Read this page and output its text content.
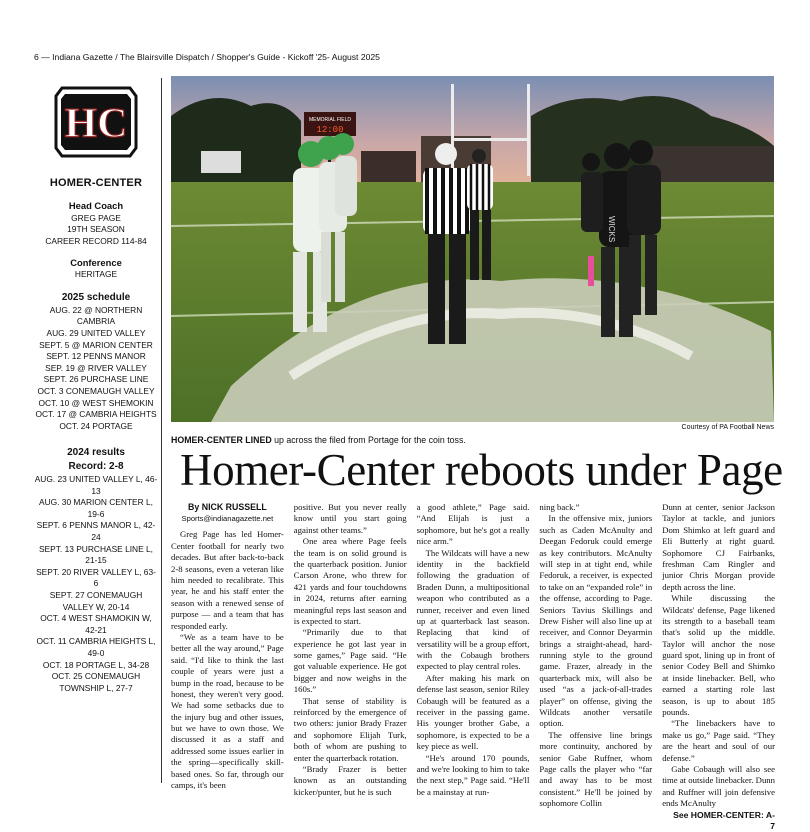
6 — Indiana Gazette / The Blairsville Dispatch / Shopper's Guide - Kickoff '25- August 2025
HC
HOMER-CENTER
Head Coach
GREG PAGE
19TH SEASON
CAREER RECORD 114-84
Conference
HERITAGE
2025 schedule
AUG. 22 @ NORTHERN CAMBRIA
AUG. 29 UNITED VALLEY
SEPT. 5 @ MARION CENTER
SEPT. 12 PENNS MANOR
SEP. 19 @ RIVER VALLEY
SEPT. 26 PURCHASE LINE
OCT. 3 CONEMAUGH VALLEY
OCT. 10 @ WEST SHEMOKIN
OCT. 17 @ CAMBRIA HEIGHTS
OCT. 24 PORTAGE
2024 results
Record: 2-8
AUG. 23 UNITED VALLEY L, 46-13
AUG. 30 MARION CENTER L, 19-6
SEPT. 6 PENNS MANOR L, 42-24
SEPT. 13 PURCHASE LINE L, 21-15
SEPT. 20 RIVER VALLEY L, 63-6
SEPT. 27 CONEMAUGH VALLEY W, 20-14
OCT. 4 WEST SHAMOKIN W, 42-21
OCT. 11 CAMBRIA HEIGHTS L, 49-0
OCT. 18 PORTAGE L, 34-28
OCT. 25 CONEMAUGH TOWNSHIP L, 27-7
MEMORIAL FIELD
12:00
WICKS
Courtesy of PA Football News
HOMER-CENTER LINED up across the filed from Portage for the coin toss.
Homer-Center reboots under Page
By NICK RUSSELL
Sports@indianagazette.net

Greg Page has led Homer-Center football for nearly two decades. But after back-to-back 2-8 seasons, even a veteran like him needed to recalibrate. This year, he and his staff enter the season with a renewed sense of purpose — and a team that has responded early.

“We as a team have to be better all the way around,” Page said. “I'd like to think the last couple of years were just a bump in the road, because to be honest, they weren't very good. We had some setbacks due to the injury bug and other issues, but we have to own those. We discussed it as a staff and addressed some issues earlier in the spring—specifically skill-based ones. So far, through our camps, it's been

positive. But you never really know until you start going against other teams.”

One area where Page feels the team is on solid ground is the quarterback position. Junior Carson Arone, who threw for 421 yards and four touchdowns in 2024, returns after earning meaningful reps last season and is expected to start.

“Primarily due to that experience he got last year in some games,” Page said. “He got valuable experience. He got bigger and now weighs in the 160s.”

That sense of stability is reinforced by the emergence of two others: junior Brady Frazer and sophomore Elijah Turk, both of whom are pushing to enter the quarterback rotation.

“Brady Frazer is better known as an outstanding kicker/punter, but he is such

a good athlete,” Page said. “And Elijah is just a sophomore, but he's got a really nice arm.”

The Wildcats will have a new identity in the backfield following the graduation of Braden Dunn, a multipositional weapon who contributed as a runner, receiver and even lined up at quarterback last season. Replacing that kind of versatility will be a group effort, with the Cobaugh brothers expected to play central roles.

After making his mark on defense last season, senior Riley Cobaugh will be featured as a receiver in the passing game. His younger brother Gabe, a sophomore, is expected to be a key piece as well.

“He's around 170 pounds, and we're looking to him to take the next step,” Page said. “He'll be a mainstay at run-

ning back.”

In the offensive mix, juniors such as Caden McAnulty and Deegan Fedoruk could emerge as key contributors. McAnulty will step in at tight end, while Fedoruk, a receiver, is expected to take on an “expanded role” in the offense, according to Page. Seniors Tavius Skillings and Drew Fisher will also line up at receiver, and Connor Deyarmin brings a straight-ahead, hard-running style to the ground game. Frazer, already in the quarterback mix, will also be used “as a jack-of-all-trades player” on offense, giving the Wildcats another versatile option.

The offensive line brings more continuity, anchored by senior Gabe Ruffner, whom Page calls the player who “far and away has to be most consistent.” He'll be joined by sophomore Collin

Dunn at center, senior Jackson Taylor at tackle, and juniors Dom Shimko at left guard and Eli Butterly at right guard. Sophomore CJ Fairbanks, freshman Cam Ringler and junior Chris Morgan provide depth across the line.

While discussing the Wildcats' defense, Page likened its strength to a baseball team that's solid up the middle. Taylor will anchor the nose guard spot, lining up in front of senior Codey Bell and Shimko at inside linebacker. Bell, who earned a starting role last season, is up to about 185 pounds.

“The linebackers have to make us go,” Page said. “They are the heart and soul of our defense.”

Gabe Cobaugh will also see time at outside linebacker. Dunn and Ruffner will join defensive ends McAnulty

See HOMER-CENTER: A-7
